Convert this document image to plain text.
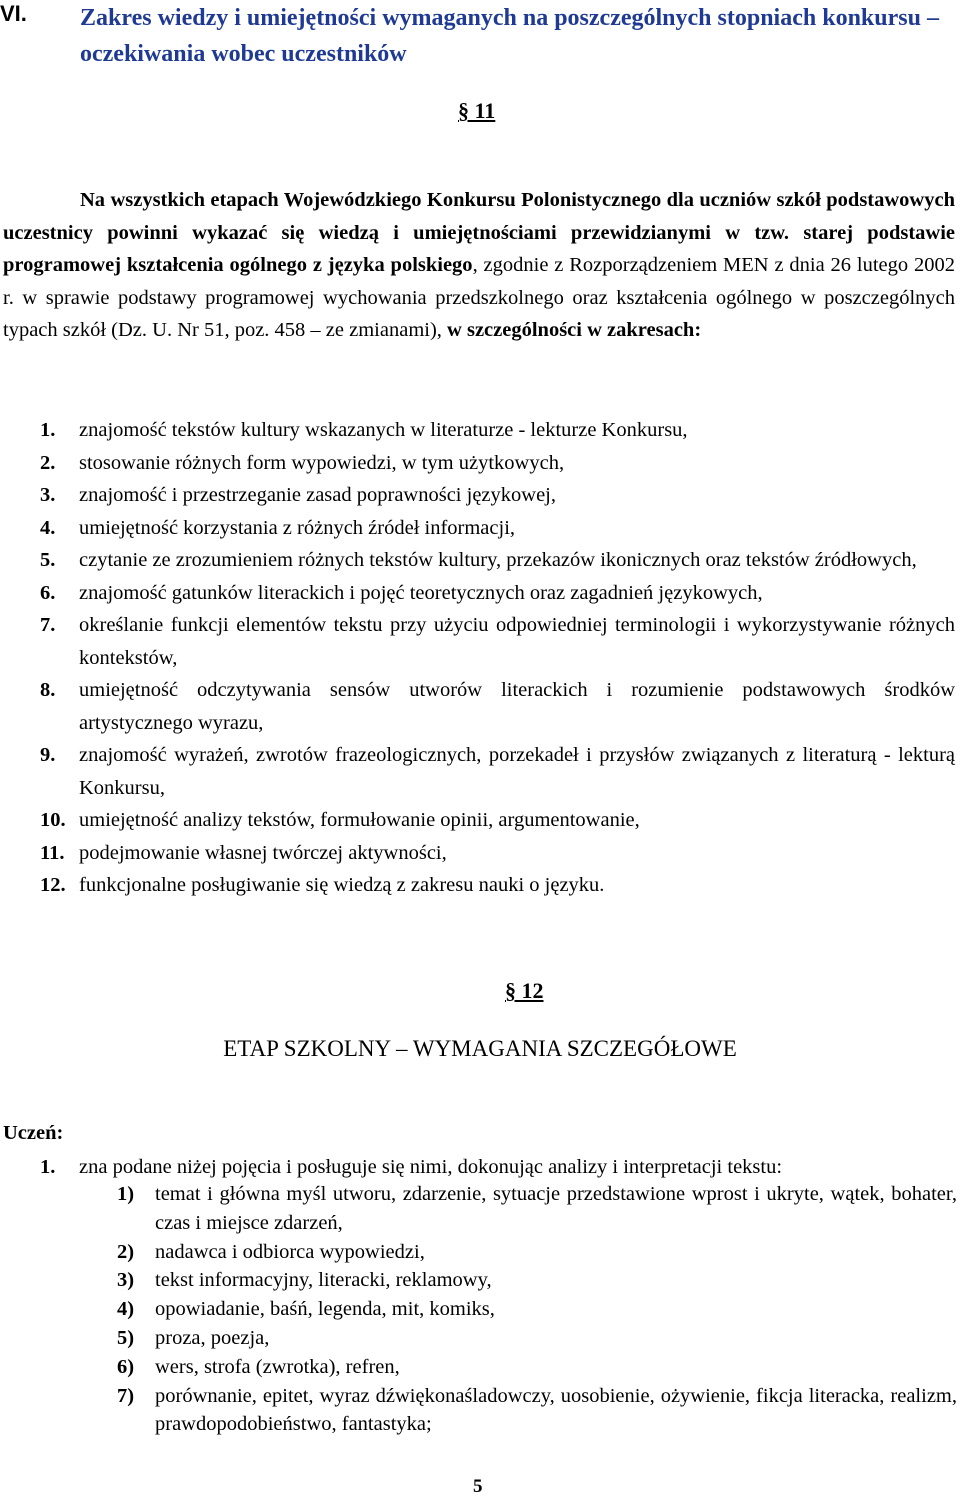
VI. Zakres wiedzy i umiejętności wymaganych na poszczególnych stopniach konkursu – oczekiwania wobec uczestników
§ 11
Na wszystkich etapach Wojewódzkiego Konkursu Polonistycznego dla uczniów szkół podstawowych uczestnicy powinni wykazać się wiedzą i umiejętnościami przewidzianymi w tzw. starej podstawie programowej kształcenia ogólnego z języka polskiego, zgodnie z Rozporządzeniem MEN z dnia 26 lutego 2002 r. w sprawie podstawy programowej wychowania przedszkolnego oraz kształcenia ogólnego w poszczególnych typach szkół (Dz. U. Nr 51, poz. 458 – ze zmianami), w szczególności w zakresach:
1. znajomość tekstów kultury wskazanych w literaturze - lekturze Konkursu,
2. stosowanie różnych form wypowiedzi, w tym użytkowych,
3. znajomość i przestrzeganie zasad poprawności językowej,
4. umiejętność korzystania z różnych źródeł informacji,
5. czytanie ze zrozumieniem różnych tekstów kultury, przekazów ikonicznych oraz tekstów źródłowych,
6. znajomość gatunków literackich i pojęć teoretycznych oraz zagadnień językowych,
7. określanie funkcji elementów tekstu przy użyciu odpowiedniej terminologii i wykorzystywanie różnych kontekstów,
8. umiejętność odczytywania sensów utworów literackich i rozumienie podstawowych środków artystycznego wyrazu,
9. znajomość wyrażeń, zwrotów frazeologicznych, porzekadeł i przysłów związanych z literaturą - lekturą Konkursu,
10. umiejętność analizy tekstów, formułowanie opinii, argumentowanie,
11. podejmowanie własnej twórczej aktywności,
12. funkcjonalne posługiwanie się wiedzą z zakresu nauki o języku.
§ 12
ETAP SZKOLNY – WYMAGANIA SZCZEGÓŁOWE
Uczeń:
1. zna podane niżej pojęcia i posługuje się nimi, dokonując analizy i interpretacji tekstu:
1) temat i główna myśl utworu, zdarzenie, sytuacje przedstawione wprost i ukryte, wątek, bohater, czas i miejsce zdarzeń,
2) nadawca i odbiorca wypowiedzi,
3) tekst informacyjny, literacki, reklamowy,
4) opowiadanie, baśń, legenda, mit, komiks,
5) proza, poezja,
6) wers, strofa (zwrotka), refren,
7) porównanie, epitet, wyraz dźwiękonaśladowczy, uosobienie, ożywienie, fikcja literacka, realizm, prawdopodobieństwo, fantastyka;
5
